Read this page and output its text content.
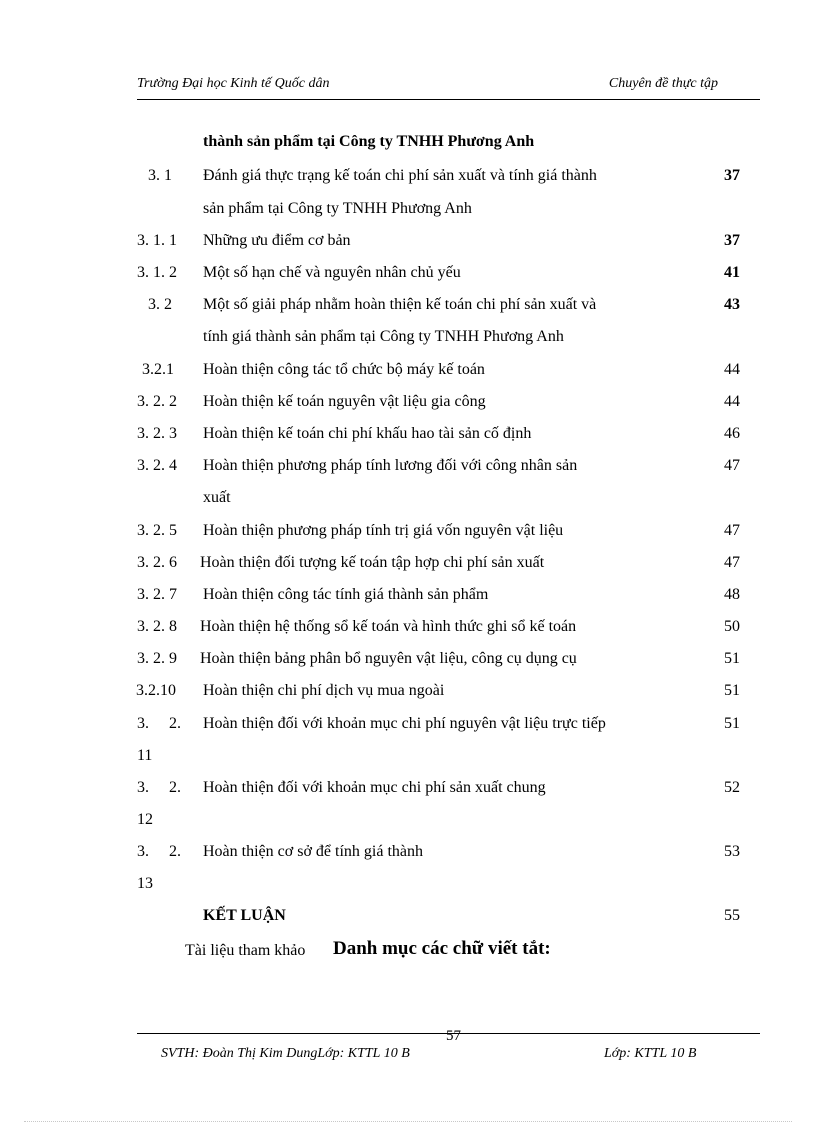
Trường Đại học Kinh tế Quốc dân	Chuyên đề thực tập
thành sản phẩm tại Công ty TNHH Phương Anh
3. 1 Đánh giá thực trạng kế toán chi phí sản xuất và tính giá thành	37
sản phẩm tại Công ty TNHH Phương Anh
3. 1. 1 Những ưu điểm cơ bản	37
3. 1. 2 Một số hạn chế và nguyên nhân chủ yếu	41
3. 2 Một số giải pháp nhằm hoàn thiện kế toán chi phí sản xuất và	43
tính giá thành sản phẩm tại Công ty TNHH Phương Anh
3.2.1 Hoàn thiện công tác tổ chức bộ máy kế toán	44
3. 2. 2 Hoàn thiện kế toán nguyên vật liệu gia công	44
3. 2. 3 Hoàn thiện kế toán chi phí khấu hao tài sản cố định	46
3. 2. 4 Hoàn thiện phương pháp tính lương đối với công nhân sản	47
xuất
3. 2. 5 Hoàn thiện phương pháp tính trị giá vốn nguyên vật liệu	47
3. 2. 6 Hoàn thiện đối tượng kế toán tập hợp chi phí sản xuất	47
3. 2. 7 Hoàn thiện công tác tính giá thành sản phẩm	48
3. 2. 8 Hoàn thiện hệ thống sổ kế toán và hình thức ghi sổ kế toán	50
3. 2. 9 Hoàn thiện bảng phân bổ nguyên vật liệu, công cụ dụng cụ	51
3.2.10 Hoàn thiện chi phí dịch vụ mua ngoài	51
3.     2. Hoàn thiện đối với khoản mục chi phí nguyên vật liệu trực tiếp	51
11
3.     2. Hoàn thiện đối với khoản mục chi phí sản xuất chung	52
12
3.     2. Hoàn thiện cơ sở để tính giá thành	53
13
KẾT LUẬN	55
Tài liệu tham khảo Danh mục các chữ viết tắt:
57
SVTH: Đoàn Thị Kim DungLớp: KTTL 10 B	Lớp: KTTL 10 B
